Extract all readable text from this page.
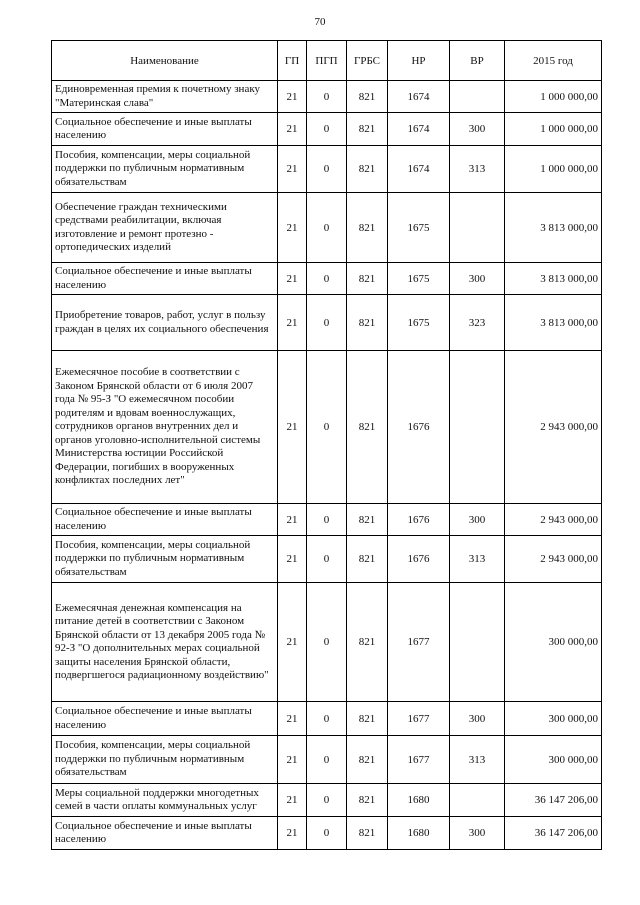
70
Наименование	ГП	ПГП	ГРБС	НР	ВР	2015 год
Единовременная премия к почетному знаку "Материнская слава"	21	0	821	1674		1 000 000,00
Социальное обеспечение и иные выплаты населению	21	0	821	1674	300	1 000 000,00
Пособия, компенсации, меры социальной поддержки по публичным нормативным обязательствам	21	0	821	1674	313	1 000 000,00
Обеспечение граждан техническими средствами реабилитации, включая изготовление и ремонт протезно - ортопедических изделий	21	0	821	1675		3 813 000,00
Социальное обеспечение и иные выплаты населению	21	0	821	1675	300	3 813 000,00
Приобретение товаров, работ, услуг в пользу граждан в целях их социального обеспечения	21	0	821	1675	323	3 813 000,00
Ежемесячное пособие в соответствии с Законом Брянской области от 6 июля 2007 года № 95-З "О ежемесячном пособии родителям и вдовам военнослужащих, сотрудников органов внутренних дел и органов уголовно-исполнительной системы Министерства юстиции Российской Федерации, погибших в вооруженных конфликтах последних лет"	21	0	821	1676		2 943 000,00
Социальное обеспечение и иные выплаты населению	21	0	821	1676	300	2 943 000,00
Пособия, компенсации, меры социальной поддержки по публичным нормативным обязательствам	21	0	821	1676	313	2 943 000,00
Ежемесячная денежная компенсация на питание детей в соответствии с Законом Брянской области от 13 декабря 2005 года № 92-З "О дополнительных мерах социальной защиты населения Брянской области, подвергшегося радиационному воздействию"	21	0	821	1677		300 000,00
Социальное обеспечение и иные выплаты населению	21	0	821	1677	300	300 000,00
Пособия, компенсации, меры социальной поддержки по публичным нормативным обязательствам	21	0	821	1677	313	300 000,00
Меры социальной поддержки многодетных семей в части оплаты коммунальных услуг	21	0	821	1680		36 147 206,00
Социальное обеспечение и иные выплаты населению	21	0	821	1680	300	36 147 206,00
